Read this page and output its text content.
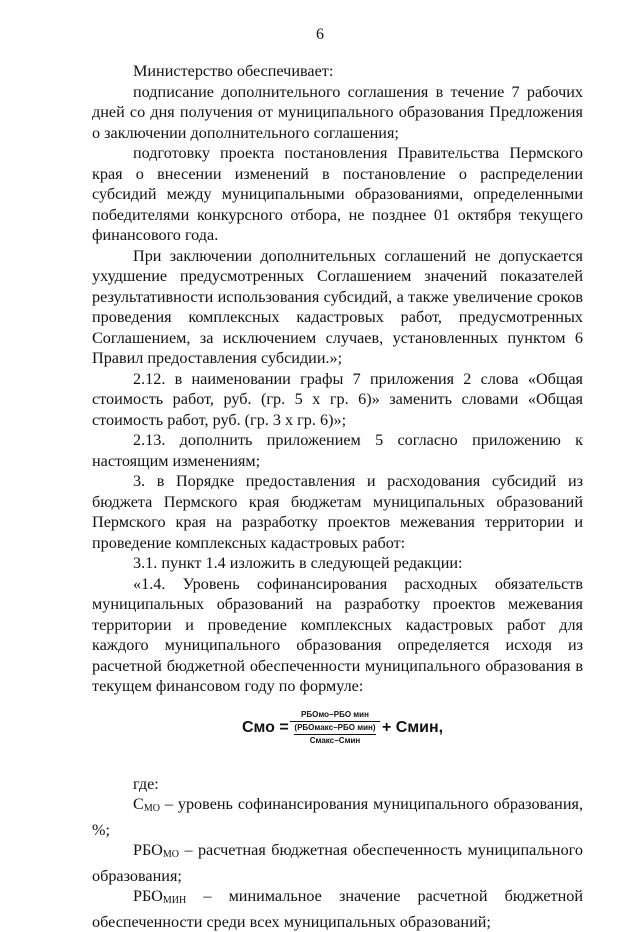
6

Министерство обеспечивает:

подписание дополнительного соглашения в течение 7 рабочих дней со дня получения от муниципального образования Предложения о заключении дополнительного соглашения;

подготовку проекта постановления Правительства Пермского края о внесении изменений в постановление о распределении субсидий между муниципальными образованиями, определенными победителями конкурсного отбора, не позднее 01 октября текущего финансового года.

При заключении дополнительных соглашений не допускается ухудшение предусмотренных Соглашением значений показателей результативности использования субсидий, а также увеличение сроков проведения комплексных кадастровых работ, предусмотренных Соглашением, за исключением случаев, установленных пунктом 6 Правил предоставления субсидии.»;

2.12. в наименовании графы 7 приложения 2 слова «Общая стоимость работ, руб. (гр. 5 х гр. 6)» заменить словами «Общая стоимость работ, руб. (гр. 3 х гр. 6)»;

2.13. дополнить приложением 5 согласно приложению к настоящим изменениям;

3. в Порядке предоставления и расходования субсидий из бюджета Пермского края бюджетам муниципальных образований Пермского края на разработку проектов межевания территории и проведение комплексных кадастровых работ:

3.1. пункт 1.4 изложить в следующей редакции:

«1.4. Уровень софинансирования расходных обязательств муниципальных образований на разработку проектов межевания территории и проведение комплексных кадастровых работ для каждого муниципального образования определяется исходя из расчетной бюджетной обеспеченности муниципального образования в текущем финансовом году по формуле:

Смо =
РБОмо−РБО мин
(РБОмакс−РБО мин)
Смакс−Смин
+ Смин,

где:

$С_{МО}$ – уровень софинансирования муниципального образования, %;

$РБО_{МО}$ – расчетная бюджетная обеспеченность муниципального образования;

$РБО_{МИН}$ – минимальное значение расчетной бюджетной обеспеченности среди всех муниципальных образований;
